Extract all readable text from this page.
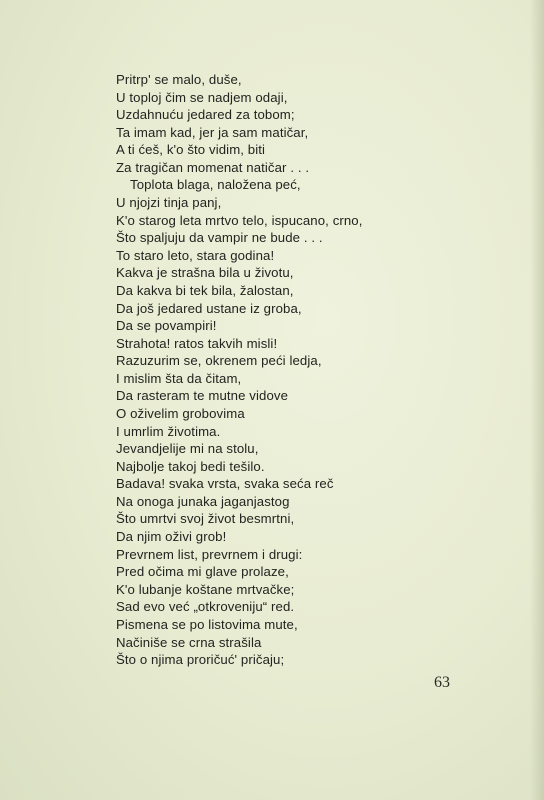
Pritrp' se malo, duše,
U toploj čim se nadjem odaji,
Uzdahnuću jedared za tobom;
Ta imam kad, jer ja sam matičar,
A ti ćeš, k'o što vidim, biti
Za tragičan momenat natičar . . .
Toplota blaga, naložena peć,
U njojzi tinja panj,
K'o starog leta mrtvo telo, ispucano, crno,
Što spaljuju da vampir ne bude . . .
To staro leto, stara godina!
Kakva je strašna bila u životu,
Da kakva bi tek bila, žalostan,
Da još jedared ustane iz groba,
Da se povampiri!
Strahota! ratos takvih misli!
Razuzurim se, okrenem peći ledja,
I mislim šta da čitam,
Da rasteram te mutne vidove
O oživelim grobovima
I umrlim životima.
Jevandjelije mi na stolu,
Najbolje takoj bedi tešilo.
Badava! svaka vrsta, svaka seća reč
Na onoga junaka jaganjastog
Što umrtvi svoj život besmrtni,
Da njim oživi grob!
Prevrnem list, prevrnem i drugi:
Pred očima mi glave prolaze,
K'o lubanje koštane mrtvačke;
Sad evo već „otkroveniju“ red.
Pismena se po listovima mute,
Načiniše se crna strašila
Što o njima proričuć' pričaju;
63
